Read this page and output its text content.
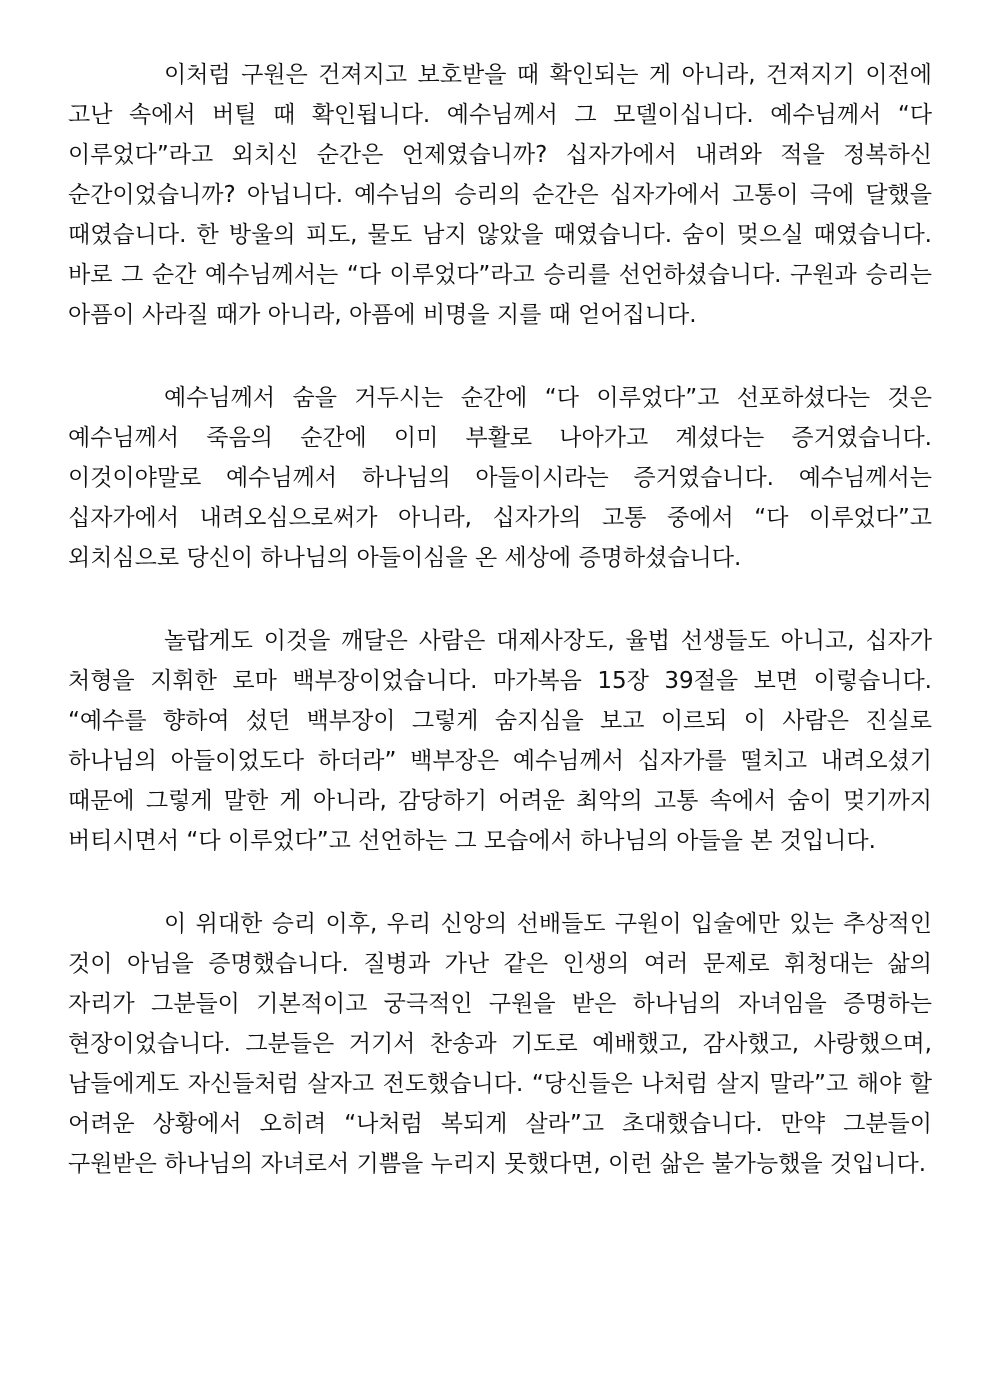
이처럼 구원은 건져지고 보호받을 때 확인되는 게 아니라, 건져지기 이전에 고난 속에서 버틸 때 확인됩니다. 예수님께서 그 모델이십니다. 예수님께서 “다 이루었다”라고 외치신 순간은 언제였습니까? 십자가에서 내려와 적을 정복하신 순간이었습니까? 아닙니다. 예수님의 승리의 순간은 십자가에서 고통이 극에 달했을 때였습니다. 한 방울의 피도, 물도 남지 않았을 때였습니다. 숨이 멎으실 때였습니다. 바로 그 순간 예수님께서는 “다 이루었다”라고 승리를 선언하셨습니다. 구원과 승리는 아픔이 사라질 때가 아니라, 아픔에 비명을 지를 때 얻어집니다.

예수님께서 숨을 거두시는 순간에 “다 이루었다”고 선포하셨다는 것은 예수님께서 죽음의 순간에 이미 부활로 나아가고 계셨다는 증거였습니다. 이것이야말로 예수님께서 하나님의 아들이시라는 증거였습니다. 예수님께서는 십자가에서 내려오심으로써가 아니라, 십자가의 고통 중에서 “다 이루었다”고 외치심으로 당신이 하나님의 아들이심을 온 세상에 증명하셨습니다.

놀랍게도 이것을 깨달은 사람은 대제사장도, 율법 선생들도 아니고, 십자가 처형을 지휘한 로마 백부장이었습니다. 마가복음 15장 39절을 보면 이렇습니다. “예수를 향하여 섰던 백부장이 그렇게 숨지심을 보고 이르되 이 사람은 진실로 하나님의 아들이었도다 하더라” 백부장은 예수님께서 십자가를 떨치고 내려오셨기 때문에 그렇게 말한 게 아니라, 감당하기 어려운 최악의 고통 속에서 숨이 멎기까지 버티시면서 “다 이루었다”고 선언하는 그 모습에서 하나님의 아들을 본 것입니다.

이 위대한 승리 이후, 우리 신앙의 선배들도 구원이 입술에만 있는 추상적인 것이 아님을 증명했습니다. 질병과 가난 같은 인생의 여러 문제로 휘청대는 삶의 자리가 그분들이 기본적이고 궁극적인 구원을 받은 하나님의 자녀임을 증명하는 현장이었습니다. 그분들은 거기서 찬송과 기도로 예배했고, 감사했고, 사랑했으며, 남들에게도 자신들처럼 살자고 전도했습니다. “당신들은 나처럼 살지 말라”고 해야 할 어려운 상황에서 오히려 “나처럼 복되게 살라”고 초대했습니다. 만약 그분들이 구원받은 하나님의 자녀로서 기쁨을 누리지 못했다면, 이런 삶은 불가능했을 것입니다.
